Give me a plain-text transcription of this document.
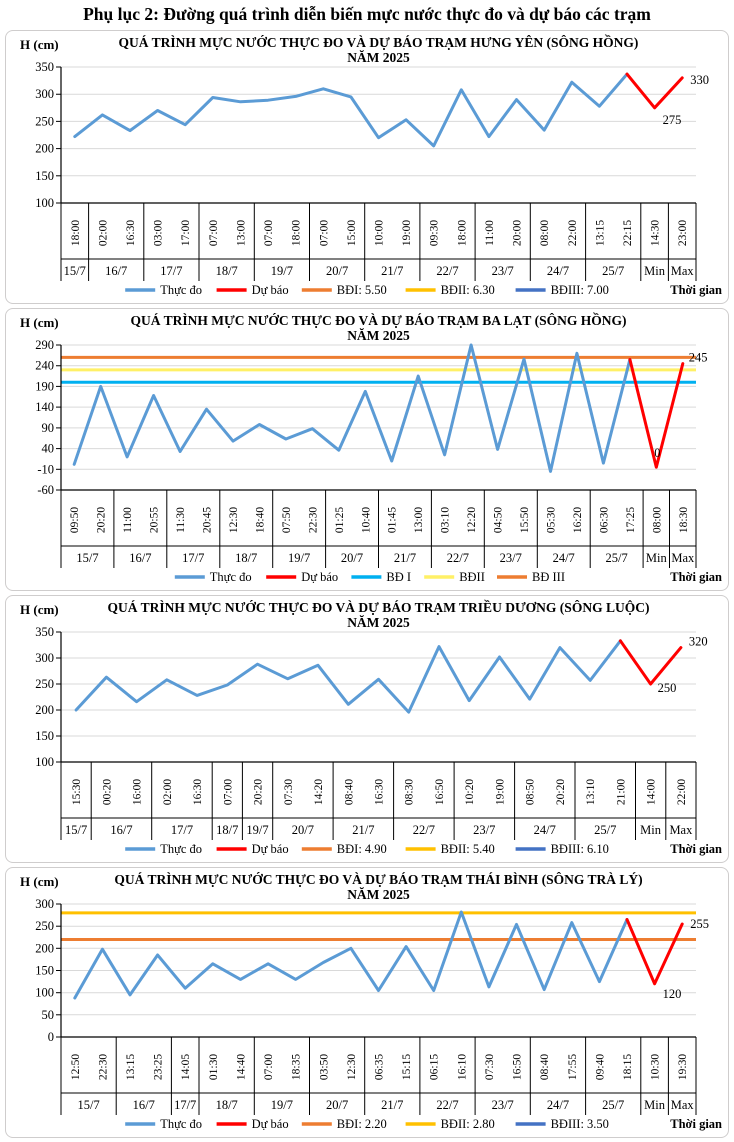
Phụ lục 2: Đường quá trình diễn biến mực nước thực đo và dự báo các trạm
100
150
200
250
300
350
18:00 02:00 16:30 03:00 17:00 07:00 13:00 07:00 18:00 07:00 15:00 10:00 19:00 09:30 18:00 11:00 20:00 08:00 22:00 13:15 22:15 14:30 23:00
15/7 16/7	17/7	18/7	19/7	20/7	21/7	22/7	23/7	24/7	25/7 Min Max
330
275
QUÁ TRÌNH MỰC NƯỚC THỰC ĐO VÀ DỰ BÁO TRẠM HƯNG YÊN (SÔNG HỒNG)
NĂM 2025
H (cm)
Thực đo	Dự báo	BĐI: 5.50	BĐII: 6.30	BĐIII: 7.00	Thời gian
-60
-10
40
90
140
190
240
290
09:50 20:20 11:00 20:55 11:30 20:45 12:30 18:40 07:50 22:30 01:25 10:40 01:45 13:00 03:10 12:20 04:50 15:50 05:30 16:20 06:30 17:25 08:00 18:30
15/7 16/7 17/7 18/7 19/7 20/7 21/7 22/7 23/7 24/7 25/7 Min Max
245
0
QUÁ TRÌNH MỰC NƯỚC THỰC ĐO VÀ DỰ BÁO TRẠM BA LẠT (SÔNG HỒNG)
NĂM 2025
H (cm)
Thực đo	Dự báo	BĐ I	BĐII	BĐ III	Thời gian
100
150
200
250
300
350
15:30 00:20 16:00 02:00 16:30 07:00 20:20 07:30 14:20 08:40 16:30 08:30 16:50 10:20 19:00 08:50 20:20 13:10 21:00 14:00 22:00
15/7 16/7	17/7 18/7 19/7 20/7	21/7	22/7	23/7	24/7	25/7 Min Max
320
250
QUÁ TRÌNH MỰC NƯỚC THỰC ĐO VÀ DỰ BÁO TRẠM TRIỀU DƯƠNG (SÔNG LUỘC)
NĂM 2025
H (cm)
Thực đo	Dự báo	BĐI: 4.90	BĐII: 5.40	BĐIII: 6.10	Thời gian
0
50
100
150
200
250
300
12:50 22:30 13:15 23:25 14:05 01:30 14:40 07:00 18:35 03:50 12:30 06:35 15:15 06:15 16:10 07:30 16:50 08:40 17:55 09:40 18:15 10:30 19:30
15/7	16/7 17/7 18/7	19/7	20/7	21/7	22/7	23/7	24/7	25/7 Min Max
255
120
QUÁ TRÌNH MỰC NƯỚC THỰC ĐO VÀ DỰ BÁO TRẠM THÁI BÌNH (SÔNG TRÀ LÝ)
NĂM 2025
H (cm)
Thực đo	Dự báo	BĐI: 2.20	BĐII: 2.80	BĐIII: 3.50	Thời gian
